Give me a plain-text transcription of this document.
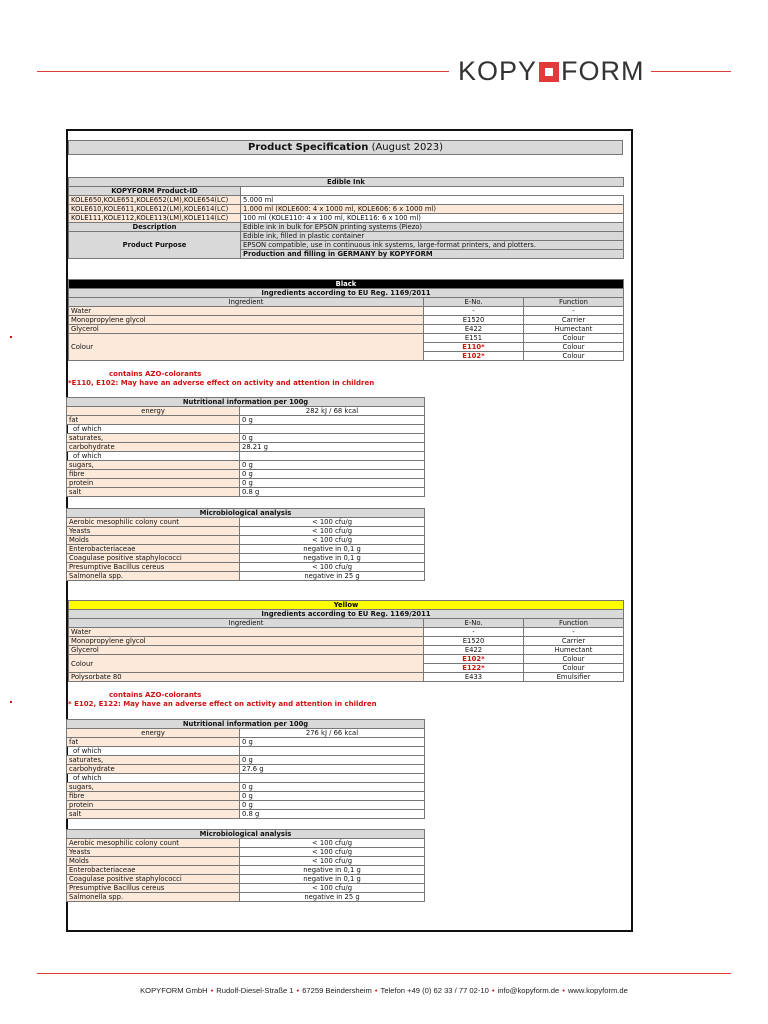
KOPY FORM
Product Specification (August 2023)
Edible Ink	
KOPYFORM Product-ID	
KOLE650,KOLE651,KOLE652(LM),KOLE654(LC)	5.000 ml
KOLE610,KOLE611,KOLE612(LM),KOLE614(LC)	1.000 ml (KOLE600: 4 x 1000 ml, KOLE606: 6 x 1000 ml)
KOLE111,KOLE112,KOLE113(LM),KOLE114(LC)	100 ml (KOLE110: 4 x 100 ml, KOLE116: 6 x 100 ml)
Description	Edible ink in bulk for EPSON printing systems (Piezo)
Product Purpose	Edible ink, filled in plastic container
	EPSON compatible, use in continuous ink systems, large-format printers, and plotters.
	Production and filling in GERMANY by KOPYFORM
Black		
Ingredients according to EU Reg. 1169/2011		
Ingredient	E-No.	Function
Water	-	-
Monopropylene glycol	E1520	Carrier
Glycerol	E422	Humectant
Colour	E151	Colour
	E110*	Colour
	E102*	Colour
contains AZO-colorants
*E110, E102: May have an adverse effect on activity and attention in children
Nutritional information per 100g	
energy	282 kJ / 68 kcal
fat	0 g
of which	
saturates,	0 g
carbohydrate	28.21 g
of which	
sugars,	0 g
fibre	0 g
protein	0 g
salt	0.8 g
Microbiological analysis	
Aerobic mesophilic colony count	< 100 cfu/g
Yeasts	< 100 cfu/g
Molds	< 100 cfu/g
Enterobacteriaceae	negative in 0,1 g
Coagulase positive staphylococci	negative in 0,1 g
Presumptive Bacillus cereus	< 100 cfu/g
Salmonella spp.	negative in 25 g
Yellow		
Ingredients according to EU Reg. 1169/2011		
Ingredient	E-No.	Function
Water	-	-
Monopropylene glycol	E1520	Carrier
Glycerol	E422	Humectant
Colour	E102*	Colour
	E122*	Colour
Polysorbate 80	E433	Emulsifier
contains AZO-colorants
* E102, E122: May have an adverse effect on activity and attention in children
Nutritional information per 100g	
energy	276 kJ / 66 kcal
fat	0 g
of which	
saturates,	0 g
carbohydrate	27.6 g
of which	
sugars,	0 g
fibre	0 g
protein	0 g
salt	0.8 g
Microbiological analysis	
Aerobic mesophilic colony count	< 100 cfu/g
Yeasts	< 100 cfu/g
Molds	< 100 cfu/g
Enterobacteriaceae	negative in 0,1 g
Coagulase positive staphylococci	negative in 0,1 g
Presumptive Bacillus cereus	< 100 cfu/g
Salmonella spp.	negative in 25 g
KOPYFORM GmbH • Rudolf-Diesel-Straße 1 • 67259 Beindersheim • Telefon +49 (0) 62 33 / 77 02-10 • info@kopyform.de • www.kopyform.de
